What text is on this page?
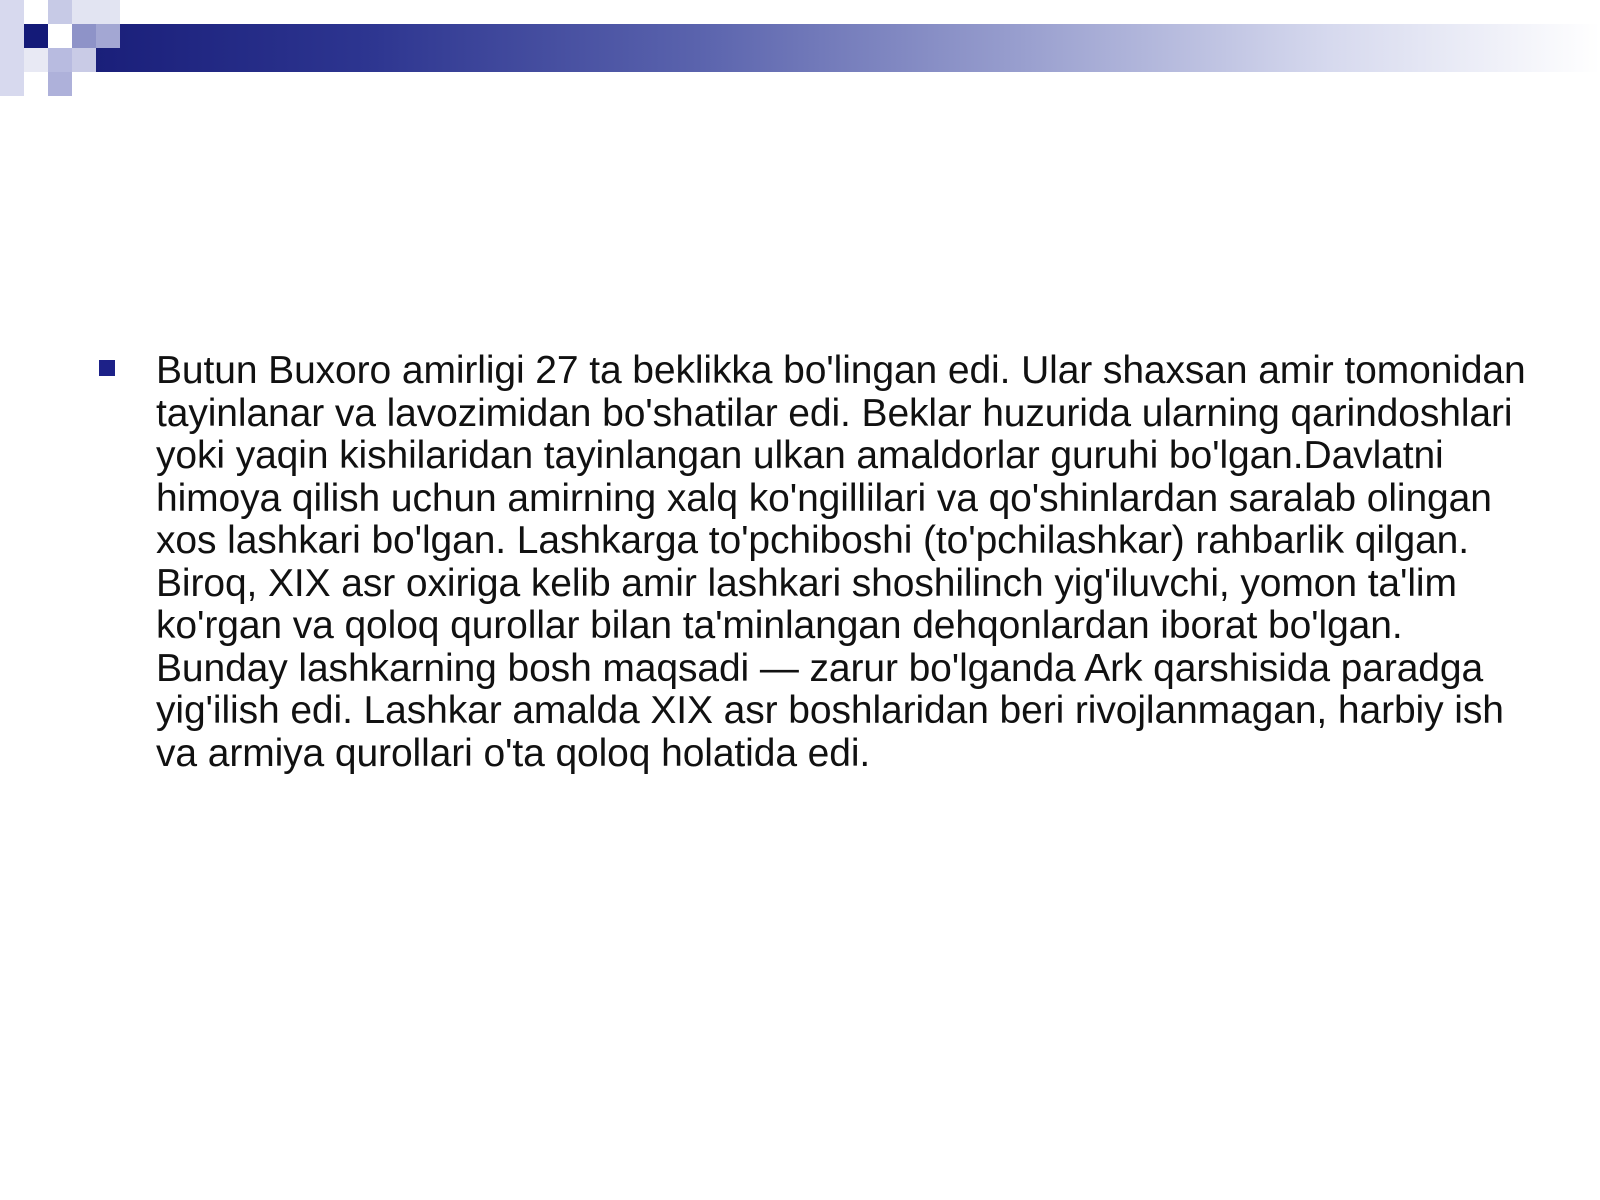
Butun Buxoro amirligi 27 ta beklikka bo'lingan edi. Ular shaxsan amir tomonidan tayinlanar va lavozimidan bo'shatilar edi. Beklar huzurida ularning qarindoshlari yoki yaqin kishilaridan tayinlangan ulkan amaldorlar guruhi bo'lgan.Davlatni himoya qilish uchun amirning xalq ko'ngillilari va qo'shinlardan saralab olingan xos lashkari bo'lgan. Lashkarga to'pchiboshi (to'pchilashkar) rahbarlik qilgan. Biroq, XIX asr oxiriga kelib amir lashkari shoshilinch yig'iluvchi, yomon ta'lim ko'rgan va qoloq qurollar bilan ta'minlangan dehqonlardan iborat bo'lgan. Bunday lashkarning bosh maqsadi — zarur bo'lganda Ark qarshisida paradga yig'ilish edi. Lashkar amalda XIX asr boshlaridan beri rivojlanmagan, harbiy ish va armiya qurollari o'ta qoloq holatida edi.
